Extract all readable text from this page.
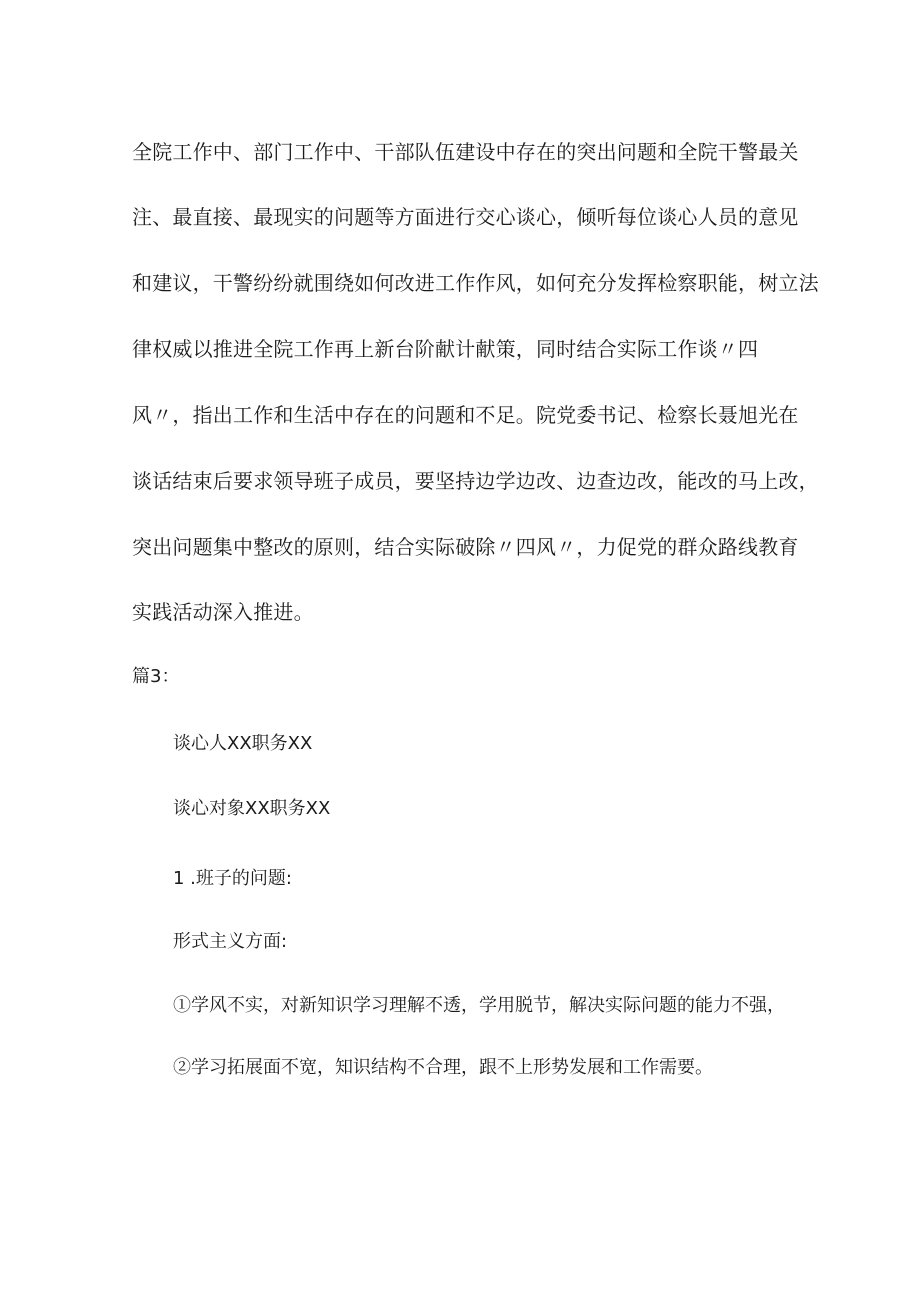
全院工作中、部门工作中、干部队伍建设中存在的突出问题和全院干警最关
注、最直接、最现实的问题等方面进行交心谈心，倾听每位谈心人员的意见
和建议，干警纷纷就围绕如何改进工作作风，如何充分发挥检察职能，树立法
律权威以推进全院工作再上新台阶献计献策，同时结合实际工作谈〃四
风〃，指出工作和生活中存在的问题和不足。院党委书记、检察长聂旭光在
谈话结束后要求领导班子成员，要坚持边学边改、边查边改，能改的马上改，
突出问题集中整改的原则，结合实际破除〃四风〃，力促党的群众路线教育
实践活动深入推进。
篇3：
谈心人XX职务XX
谈心对象XX职务XX
1 .班子的问题:
形式主义方面:
①学风不实，对新知识学习理解不透，学用脱节，解决实际问题的能力不强，
②学习拓展面不宽，知识结构不合理，跟不上形势发展和工作需要。
